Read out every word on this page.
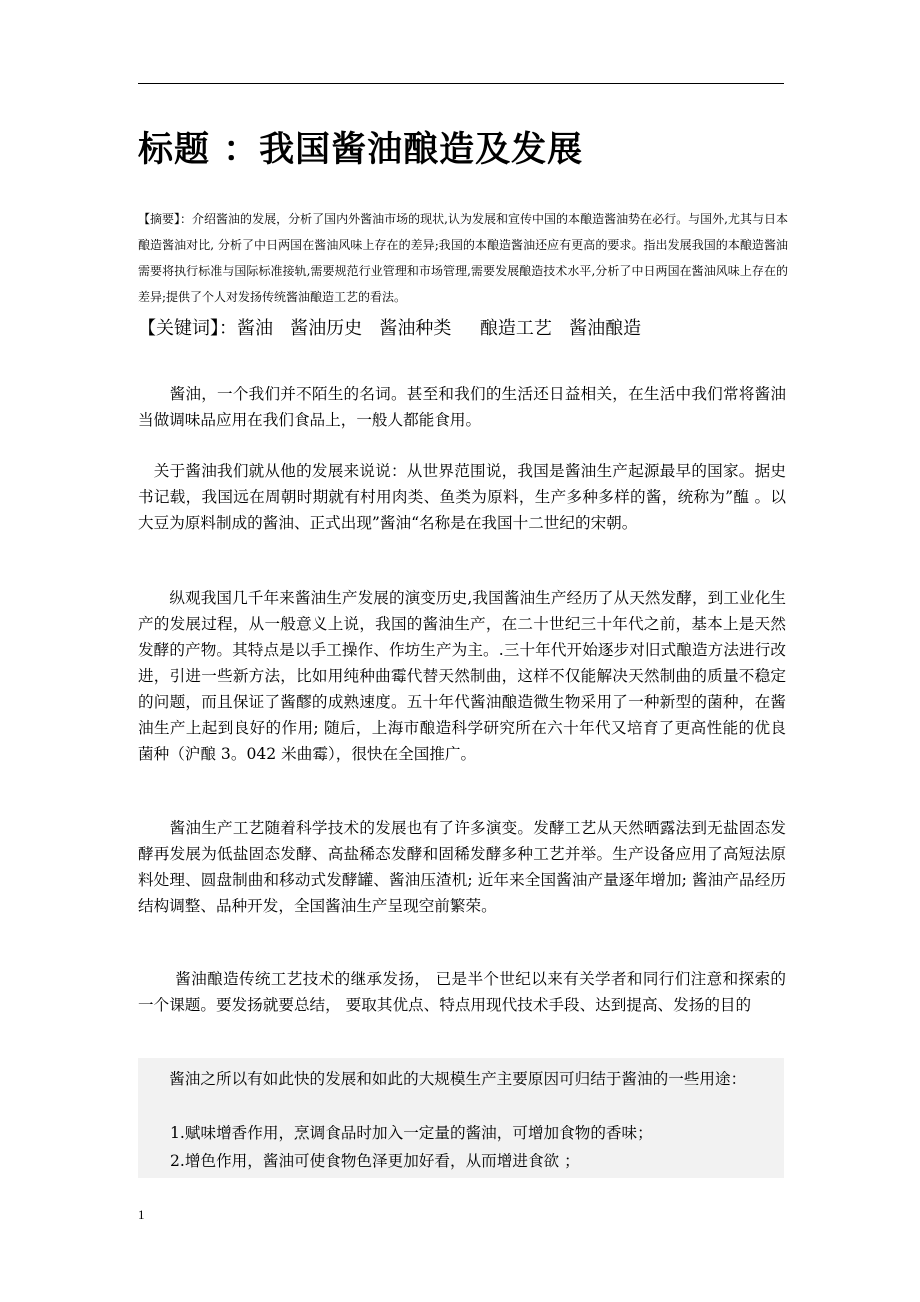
标题 ：我国酱油酿造及发展

【摘要】：介绍酱油的发展，分析了国内外酱油市场的现状,认为发展和宣传中国的本酿造酱油势在必行。与国外,尤其与日本酿造酱油对比, 分析了中日两国在酱油风味上存在的差异;我国的本酿造酱油还应有更高的要求。指出发展我国的本酿造酱油需要将执行标准与国际标准接轨,需要规范行业管理和市场管理,需要发展酿造技术水平,分析了中日两国在酱油风味上存在的差异;提供了个人对发扬传统酱油酿造工艺的看法。

【关键词】：酱油   酱油历史   酱油种类     酿造工艺   酱油酿造

　　酱油，一个我们并不陌生的名词。甚至和我们的生活还日益相关，在生活中我们常将酱油当做调味品应用在我们食品上，一般人都能食用。

　关于酱油我们就从他的发展来说说：从世界范围说，我国是酱油生产起源最早的国家。据史书记载，我国远在周朝时期就有村用肉类、鱼类为原料，生产多种多样的酱，统称为”醢 。以大豆为原料制成的酱油、正式出现”酱油“名称是在我国十二世纪的宋朝。

　　纵观我国几千年来酱油生产发展的演变历史,我国酱油生产经历了从天然发酵，到工业化生产的发展过程，从一般意义上说，我国的酱油生产，在二十世纪三十年代之前，基本上是天然发酵的产物。其特点是以手工操作、作坊生产为主。.三十年代开始逐步对旧式酿造方法进行改进，引进一些新方法，比如用纯种曲霉代替天然制曲，这样不仅能解决天然制曲的质量不稳定的问题，而且保证了酱醪的成熟速度。五十年代酱油酿造微生物采用了一种新型的菌种，在酱油生产上起到良好的作用; 随后，上海市酿造科学研究所在六十年代又培育了更高性能的优良菌种（沪酿 3。042 米曲霉），很快在全国推广。

　　酱油生产工艺随着科学技术的发展也有了许多演变。发酵工艺从天然晒露法到无盐固态发酵再发展为低盐固态发酵、高盐稀态发酵和固稀发酵多种工艺并举。生产设备应用了高短法原料处理、圆盘制曲和移动式发酵罐、酱油压渣机; 近年来全国酱油产量逐年增加; 酱油产品经历结构调整、品种开发，全国酱油生产呈现空前繁荣。

　　 酱油酿造传统工艺技术的继承发扬， 已是半个世纪以来有关学者和同行们注意和探索的一个课题。要发扬就要总结， 要取其优点、特点用现代技术手段、达到提高、发扬的目的

　　酱油之所以有如此快的发展和如此的大规模生产主要原因可归结于酱油的一些用途：

1.赋味增香作用，烹调食品时加入一定量的酱油，可增加食物的香味；

2.增色作用，酱油可使食物色泽更加好看，从而增进食欲 ；

1
